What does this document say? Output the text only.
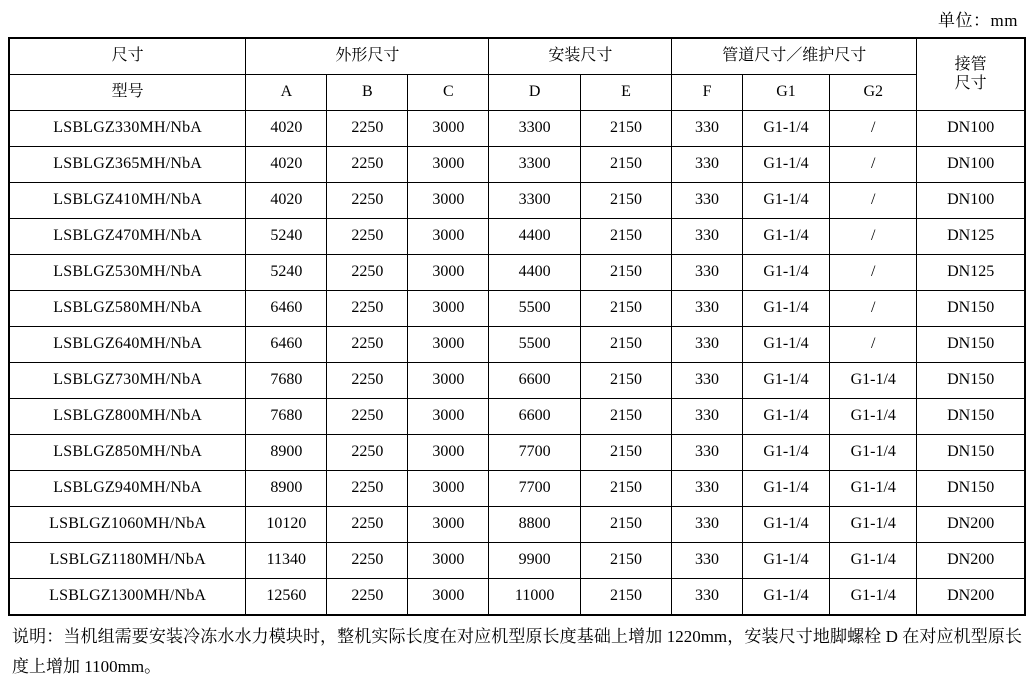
单位：mm
尺寸	外形尺寸			安装尺寸		管道尺寸／维护尺寸			接管
尺寸

型号	A	B	C	D	E	F	G1	G2	
LSBLGZ330MH/NbA	4020	2250	3000	3300	2150	330	G1-1/4	/	DN100
LSBLGZ365MH/NbA	4020	2250	3000	3300	2150	330	G1-1/4	/	DN100
LSBLGZ410MH/NbA	4020	2250	3000	3300	2150	330	G1-1/4	/	DN100
LSBLGZ470MH/NbA	5240	2250	3000	4400	2150	330	G1-1/4	/	DN125
LSBLGZ530MH/NbA	5240	2250	3000	4400	2150	330	G1-1/4	/	DN125
LSBLGZ580MH/NbA	6460	2250	3000	5500	2150	330	G1-1/4	/	DN150
LSBLGZ640MH/NbA	6460	2250	3000	5500	2150	330	G1-1/4	/	DN150
LSBLGZ730MH/NbA	7680	2250	3000	6600	2150	330	G1-1/4	G1-1/4	DN150
LSBLGZ800MH/NbA	7680	2250	3000	6600	2150	330	G1-1/4	G1-1/4	DN150
LSBLGZ850MH/NbA	8900	2250	3000	7700	2150	330	G1-1/4	G1-1/4	DN150
LSBLGZ940MH/NbA	8900	2250	3000	7700	2150	330	G1-1/4	G1-1/4	DN150
LSBLGZ1060MH/NbA	10120	2250	3000	8800	2150	330	G1-1/4	G1-1/4	DN200
LSBLGZ1180MH/NbA	11340	2250	3000	9900	2150	330	G1-1/4	G1-1/4	DN200
LSBLGZ1300MH/NbA	12560	2250	3000	11000	2150	330	G1-1/4	G1-1/4	DN200
说明：当机组需要安装冷冻水水力模块时，整机实际长度在对应机型原长度基础上增加 1220mm，安装尺寸地脚螺栓 D 在对应机型原长度上增加 1100mm。
